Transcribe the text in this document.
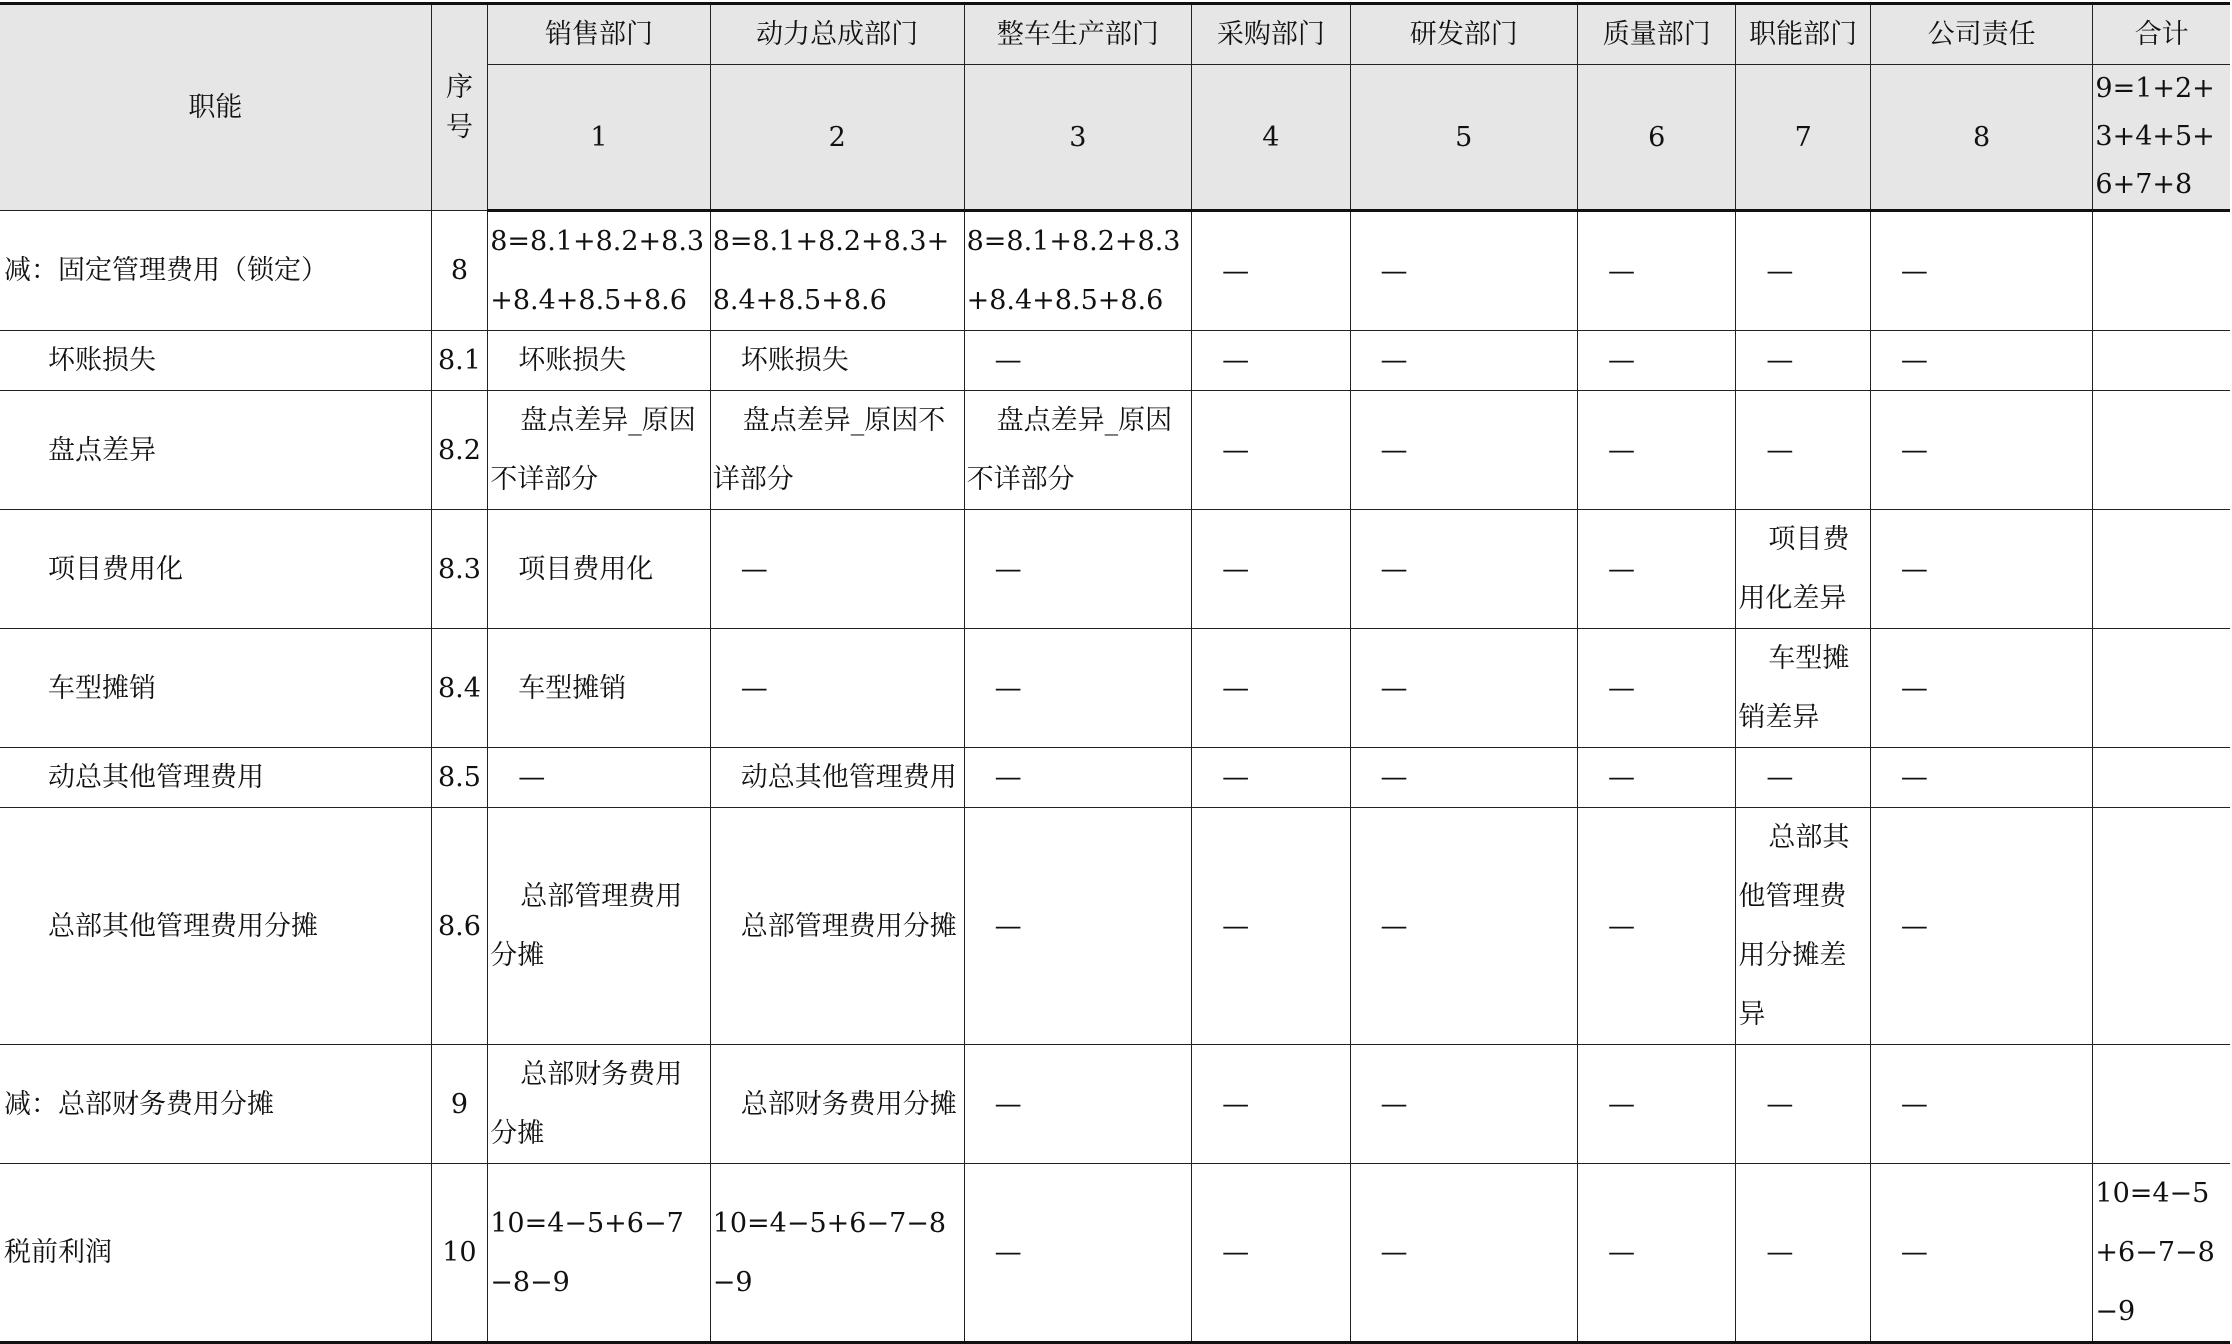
职能	序号	销售部门	动力总成部门	整车生产部门	采购部门	研发部门	质量部门	职能部门	公司责任	合计
		1	2	3	4	5	6	7	8	9=1+2+3+4+5+6+7+8
减：固定管理费用（锁定）	8	8=8.1+8.2+8.3+8.4+8.5+8.6	8=8.1+8.2+8.3+8.4+8.5+8.6	8=8.1+8.2+8.3+8.4+8.5+8.6	—	—	—	—	—	
坏账损失	8.1	坏账损失	坏账损失	—	—	—	—	—	—	
盘点差异	8.2	盘点差异_原因不详部分	盘点差异_原因不详部分	盘点差异_原因不详部分	—	—	—	—	—	
项目费用化	8.3	项目费用化	—	—	—	—	—	项目费用化差异	—	
车型摊销	8.4	车型摊销	—	—	—	—	—	车型摊销差异	—	
动总其他管理费用	8.5	—	动总其他管理费用	—	—	—	—	—	—	
总部其他管理费用分摊	8.6	总部管理费用分摊	总部管理费用分摊	—	—	—	—	总部其他管理费用分摊差异	—	
减：总部财务费用分摊	9	总部财务费用分摊	总部财务费用分摊	—	—	—	—	—	—	
税前利润	10	10=4−5+6−7−8−9	10=4−5+6−7−8−9	—	—	—	—	—	—	10=4−5+6−7−8−9
